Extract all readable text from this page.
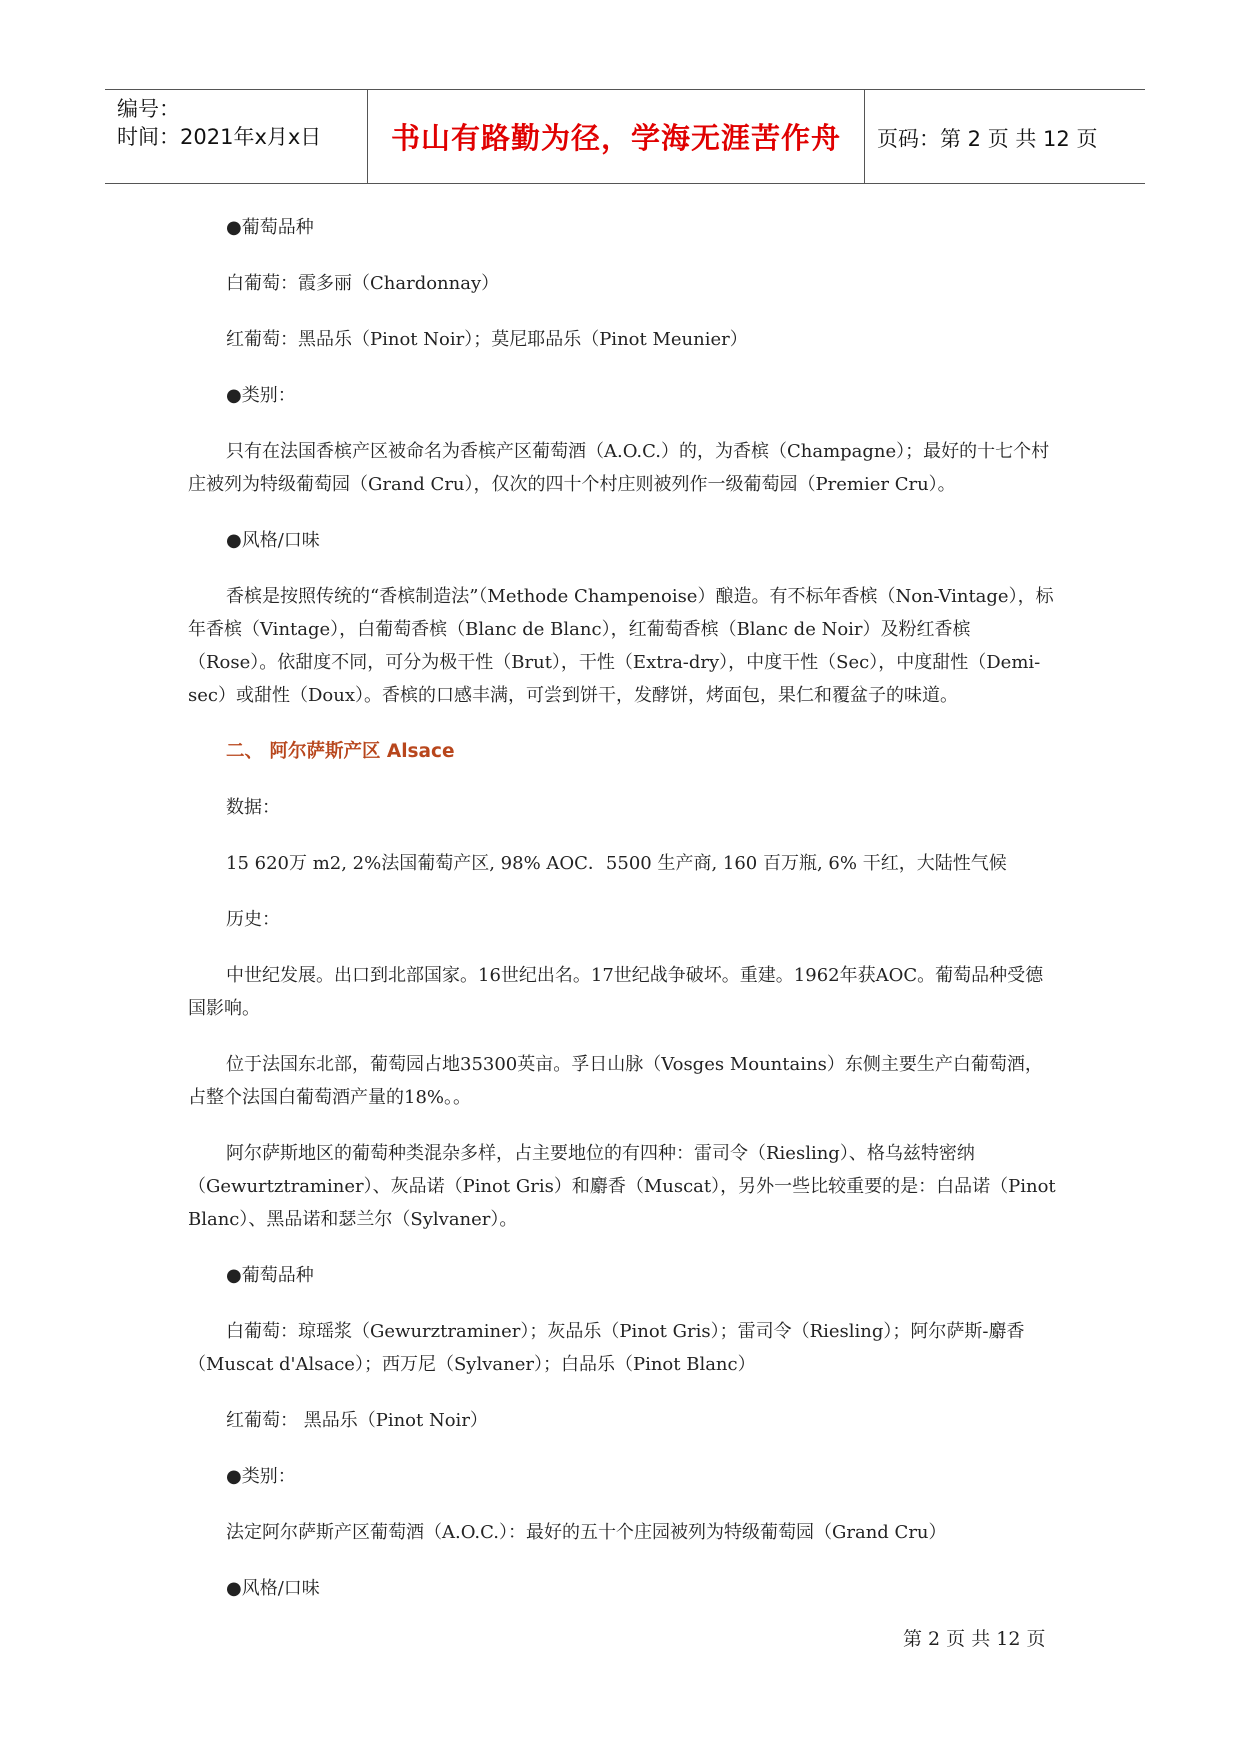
编号：
时间：2021年x月x日	书山有路勤为径，学海无涯苦作舟	页码：第 2 页 共 12 页

●葡萄品种

白葡萄：霞多丽（Chardonnay）

红葡萄：黑品乐（Pinot Noir）；莫尼耶品乐（Pinot Meunier）

●类别：

只有在法国香槟产区被命名为香槟产区葡萄酒（A.O.C.）的，为香槟（Champagne）；最好的十七个村庄被列为特级葡萄园（Grand Cru），仅次的四十个村庄则被列作一级葡萄园（Premier Cru）。

●风格/口味

香槟是按照传统的“香槟制造法”（Methode Champenoise）酿造。有不标年香槟（Non-Vintage），标年香槟（Vintage），白葡萄香槟（Blanc de Blanc），红葡萄香槟（Blanc de Noir）及粉红香槟（Rose）。依甜度不同，可分为极干性（Brut），干性（Extra-dry），中度干性（Sec），中度甜性（Demi-sec）或甜性（Doux）。香槟的口感丰满，可尝到饼干，发酵饼，烤面包，果仁和覆盆子的味道。

二、 阿尔萨斯产区 Alsace

数据：

15 620万 m2, 2%法国葡萄产区, 98% AOC．5500 生产商, 160 百万瓶, 6% 干红，大陆性气候

历史：

中世纪发展。出口到北部国家。16世纪出名。17世纪战争破坏。重建。1962年获AOC。葡萄品种受德国影响。

位于法国东北部，葡萄园占地35300英亩。孚日山脉（Vosges Mountains）东侧主要生产白葡萄酒，占整个法国白葡萄酒产量的18%。。

阿尔萨斯地区的葡萄种类混杂多样，占主要地位的有四种：雷司令（Riesling）、格乌兹特密纳（Gewurtztraminer）、灰品诺（Pinot Gris）和麝香（Muscat），另外一些比较重要的是：白品诺（Pinot Blanc）、黑品诺和瑟兰尔（Sylvaner）。

●葡萄品种

白葡萄：琼瑶浆（Gewurztraminer）；灰品乐（Pinot Gris）；雷司令（Riesling）；阿尔萨斯-麝香（Muscat d'Alsace）；西万尼（Sylvaner）；白品乐（Pinot Blanc）

红葡萄： 黑品乐（Pinot Noir）

●类别：

法定阿尔萨斯产区葡萄酒（A.O.C.）：最好的五十个庄园被列为特级葡萄园（Grand Cru）

●风格/口味

第 2 页 共 12 页
